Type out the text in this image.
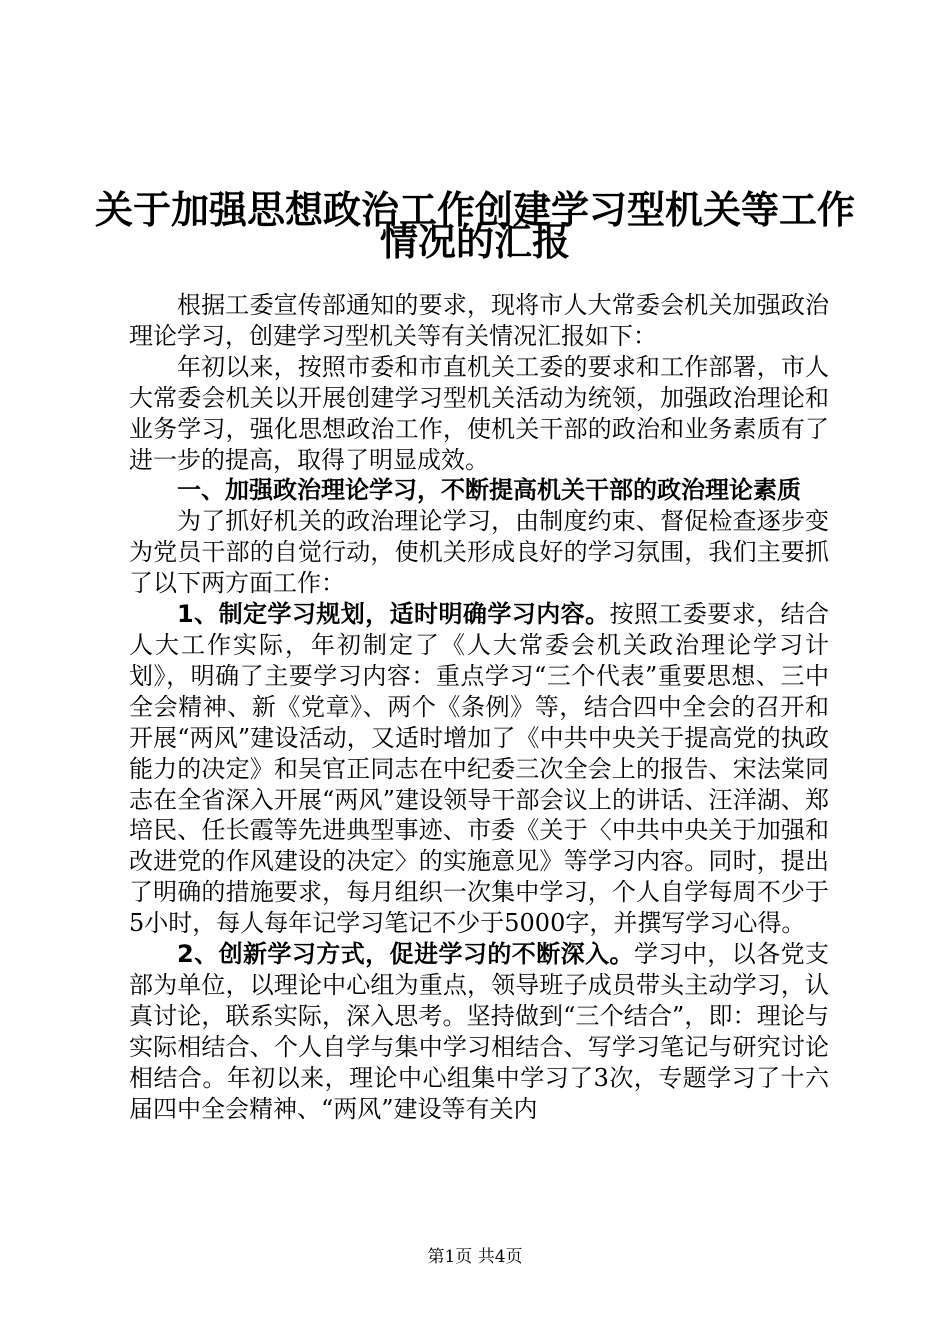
关于加强思想政治工作创建学习型机关等工作
情况的汇报

根据工委宣传部通知的要求，现将市人大常委会机关加强政治理论学习，创建学习型机关等有关情况汇报如下：

年初以来，按照市委和市直机关工委的要求和工作部署，市人大常委会机关以开展创建学习型机关活动为统领，加强政治理论和业务学习，强化思想政治工作，使机关干部的政治和业务素质有了进一步的提高，取得了明显成效。

一、加强政治理论学习，不断提高机关干部的政治理论素质

为了抓好机关的政治理论学习，由制度约束、督促检查逐步变为党员干部的自觉行动，使机关形成良好的学习氛围，我们主要抓了以下两方面工作：

1、制定学习规划，适时明确学习内容。按照工委要求，结合人大工作实际，年初制定了《人大常委会机关政治理论学习计划》，明确了主要学习内容：重点学习“三个代表”重要思想、三中全会精神、新《党章》、两个《条例》等，结合四中全会的召开和开展“两风”建设活动，又适时增加了《中共中央关于提高党的执政能力的决定》和吴官正同志在中纪委三次全会上的报告、宋法棠同志在全省深入开展“两风”建设领导干部会议上的讲话、汪洋湖、郑培民、任长霞等先进典型事迹、市委《关于〈中共中央关于加强和改进党的作风建设的决定〉的实施意见》等学习内容。同时，提出了明确的措施要求，每月组织一次集中学习，个人自学每周不少于5小时，每人每年记学习笔记不少于5000字，并撰写学习心得。

2、创新学习方式，促进学习的不断深入。学习中，以各党支部为单位，以理论中心组为重点，领导班子成员带头主动学习，认真讨论，联系实际，深入思考。坚持做到“三个结合”，即：理论与实际相结合、个人自学与集中学习相结合、写学习笔记与研究讨论相结合。年初以来，理论中心组集中学习了3次，专题学习了十六届四中全会精神、“两风”建设等有关内

第1页 共4页
